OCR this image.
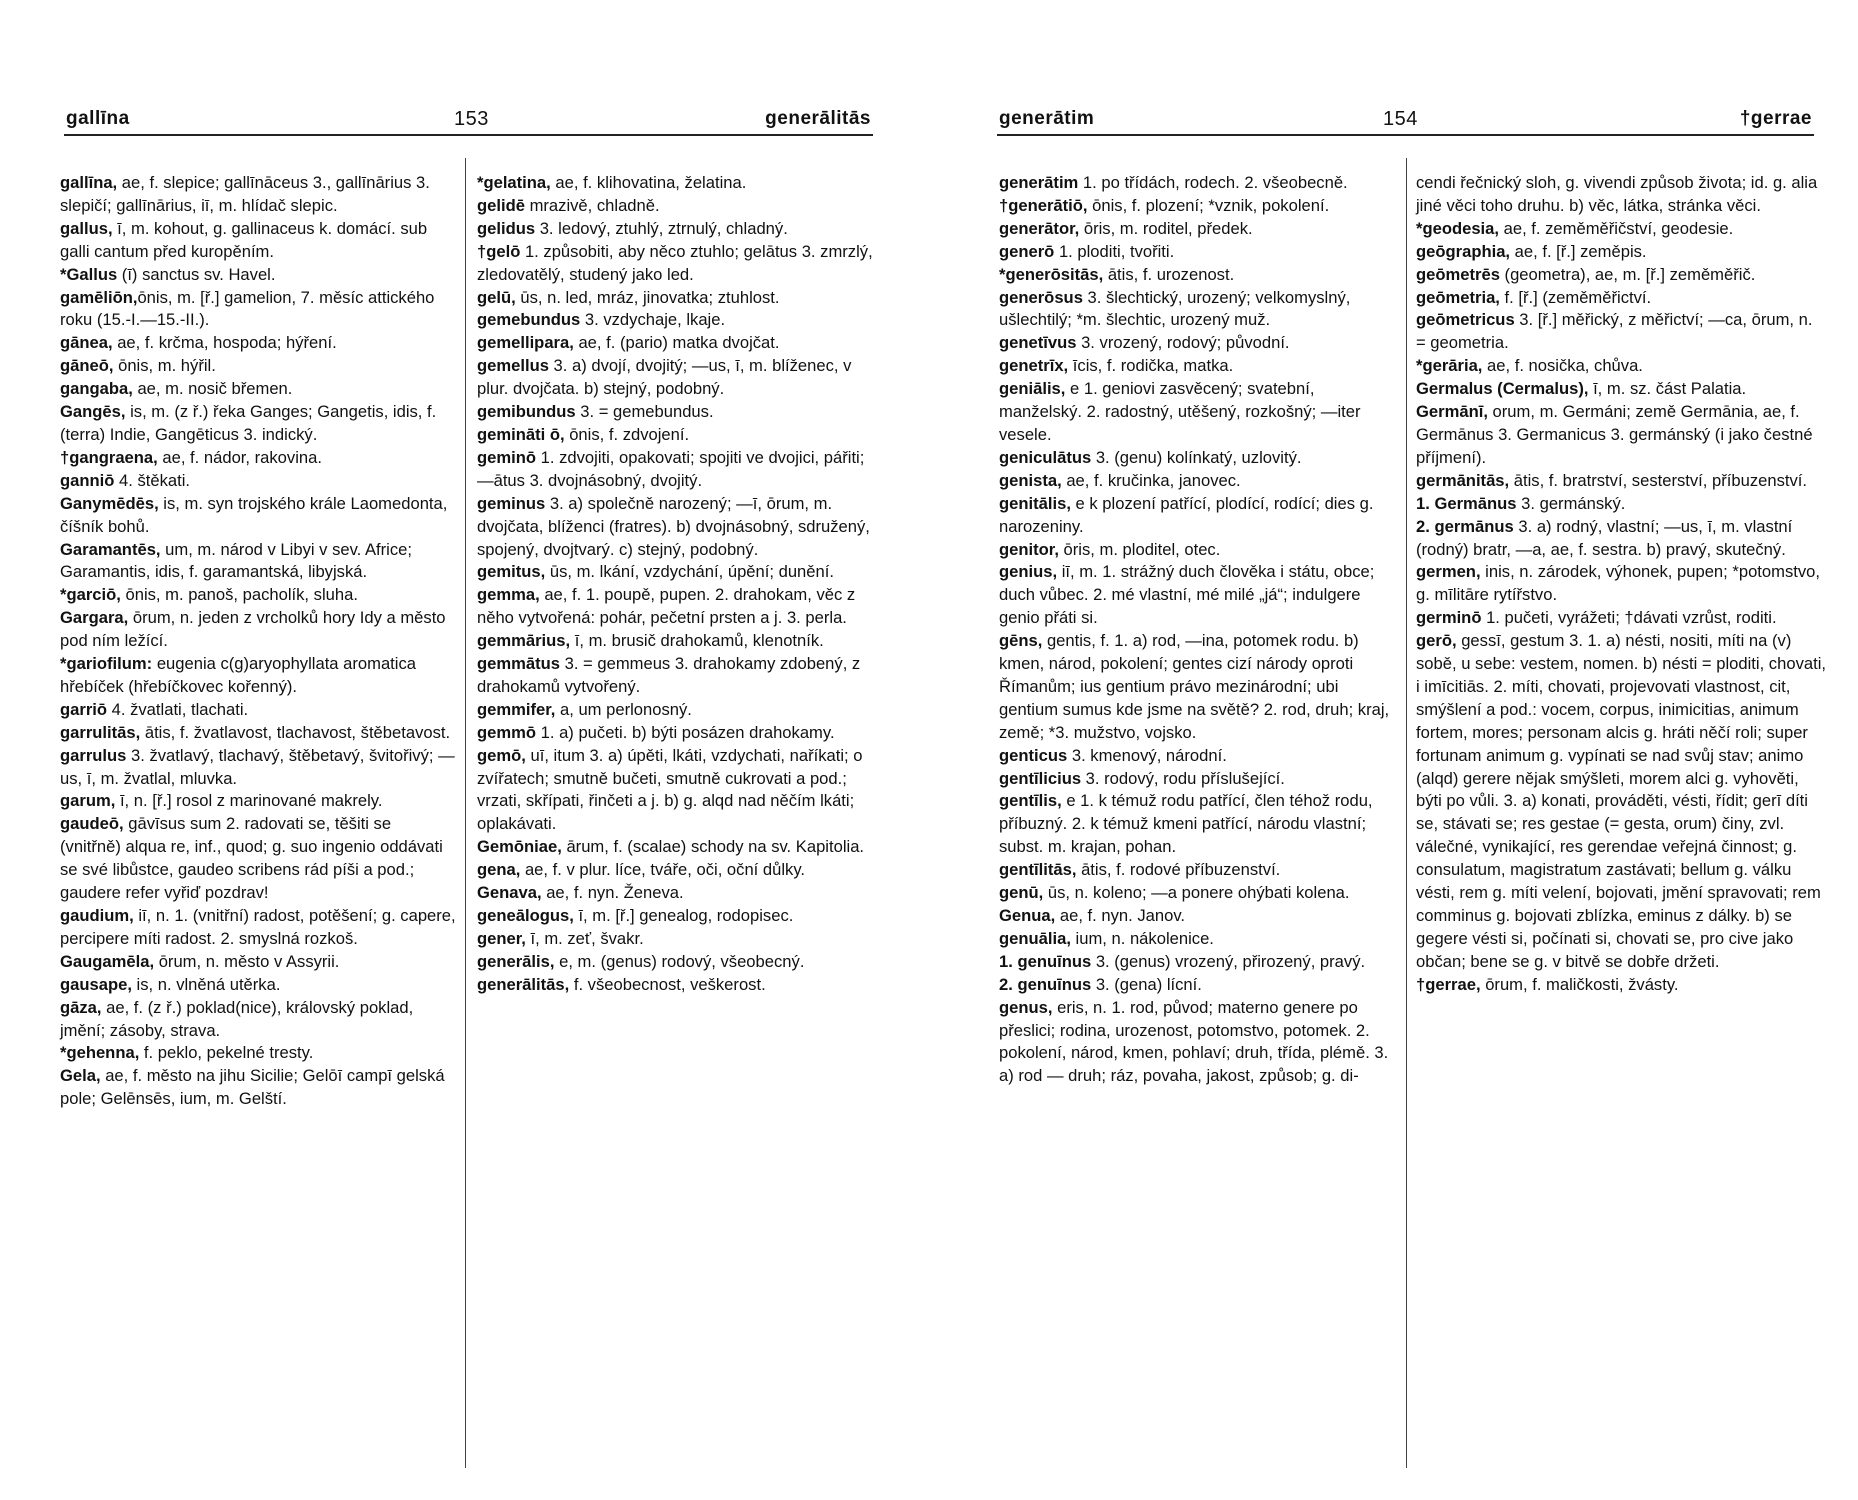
gallīna	153	generālitās

gallīna, ae, f. slepice; gallīnāceus 3., gallīnārius 3. slepičí; gallīnārius, iī, m. hlídač slepic.

gallus, ī, m. kohout, g. gallinaceus k. domácí. sub galli cantum před kuropěním.

*Gallus (ī) sanctus sv. Havel.

gamēliōn,ōnis, m. [ř.] gamelion, 7. měsíc attického roku (15.-I.—15.-II.).

gānea, ae, f. krčma, hospoda; hýření.

gāneō, ōnis, m. hýřil.

gangaba, ae, m. nosič břemen.

Gangēs, is, m. (z ř.) řeka Ganges; Gangetis, idis, f. (terra) Indie, Gangēticus 3. indický.

†gangraena, ae, f. nádor, rakovina.

ganniō 4. štěkati.

Ganymēdēs, is, m. syn trojského krále Laomedonta, číšník bohů.

Garamantēs, um, m. národ v Libyi v sev. Africe; Garamantis, idis, f. garamantská, libyjská.

*garciō, ōnis, m. panoš, pacholík, sluha.

Gargara, ōrum, n. jeden z vrcholků hory Idy a město pod ním ležící.

*gariofilum: eugenia c(g)aryophyllata aromatica hřebíček (hřebíčkovec kořenný).

garriō 4. žvatlati, tlachati.

garrulitās, ātis, f. žvatlavost, tlachavost, štěbetavost.

garrulus 3. žvatlavý, tlachavý, štěbetavý, švitořivý; —us, ī, m. žvatlal, mluvka.

garum, ī, n. [ř.] rosol z marinované makrely.

gaudeō, gāvīsus sum 2. radovati se, těšiti se (vnitřně) alqua re, inf., quod; g. suo ingenio oddávati se své libůstce, gaudeo scribens rád píši a pod.; gaudere refer vyřiď pozdrav!

gaudium, iī, n. 1. (vnitřní) radost, potěšení; g. capere, percipere míti radost. 2. smyslná rozkoš.

Gaugamēla, ōrum, n. město v Assyrii.

gausape, is, n. vlněná utěrka.

gāza, ae, f. (z ř.) poklad(nice), královský poklad, jmění; zásoby, strava.

*gehenna, f. peklo, pekelné tresty.

Gela, ae, f. město na jihu Sicilie; Gelōī campī gelská pole; Gelēnsēs, ium, m. Gelští.

*gelatina, ae, f. klihovatina, želatina.

gelidē mrazivě, chladně.

gelidus 3. ledový, ztuhlý, ztrnulý, chladný.

†gelō 1. způsobiti, aby něco ztuhlo; gelātus 3. zmrzlý, zledovatělý, studený jako led.

gelū, ūs, n. led, mráz, jinovatka; ztuhlost.

gemebundus 3. vzdychaje, lkaje.

gemellipara, ae, f. (pario) matka dvojčat.

gemellus 3. a) dvojí, dvojitý; —us, ī, m. blíženec, v plur. dvojčata. b) stejný, podobný.

gemibundus 3. = gemebundus.

gemināti ō, ōnis, f. zdvojení.

geminō 1. zdvojiti, opakovati; spojiti ve dvojici, pářiti; —ātus 3. dvojnásobný, dvojitý.

geminus 3. a) společně narozený; —ī, ōrum, m. dvojčata, blíženci (fratres). b) dvojnásobný, sdružený, spojený, dvojtvarý. c) stejný, podobný.

gemitus, ūs, m. lkání, vzdychání, úpění; dunění.

gemma, ae, f. 1. poupě, pupen. 2. drahokam, věc z něho vytvořená: pohár, pečetní prsten a j. 3. perla.

gemmārius, ī, m. brusič drahokamů, klenotník.

gemmātus 3. = gemmeus 3. drahokamy zdobený, z drahokamů vytvořený.

gemmifer, a, um perlonosný.

gemmō 1. a) pučeti. b) býti posázen drahokamy.

gemō, uī, itum 3. a) úpěti, lkáti, vzdychati, naříkati; o zvířatech; smutně bučeti, smutně cukrovati a pod.; vrzati, skřípati, řinčeti a j. b) g. alqd nad něčím lkáti; oplakávati.

Gemōniae, ārum, f. (scalae) schody na sv. Kapitolia.

gena, ae, f. v plur. líce, tváře, oči, oční důlky.

Genava, ae, f. nyn. Ženeva.

geneālogus, ī, m. [ř.] genealog, rodopisec.

gener, ī, m. zeť, švakr.

generālis, e, m. (genus) rodový, všeobecný.

generālitās, f. všeobecnost, veškerost.

generātim	154	†gerrae

generātim 1. po třídách, rodech. 2. všeobecně.

†generātiō, ōnis, f. plození; *vznik, pokolení.

generātor, ōris, m. roditel, předek.

generō 1. ploditi, tvořiti.

*generōsitās, ātis, f. urozenost.

generōsus 3. šlechtický, urozený; velkomyslný, ušlechtilý; *m. šlechtic, urozený muž.

genetīvus 3. vrozený, rodový; původní.

genetrīx, īcis, f. rodička, matka.

geniālis, e 1. geniovi zasvěcený; svatební, manželský. 2. radostný, utěšený, rozkošný; —iter vesele.

geniculātus 3. (genu) kolínkatý, uzlovitý.

genista, ae, f. kručinka, janovec.

genitālis, e k plození patřící, plodící, rodící; dies g. narozeniny.

genitor, ōris, m. ploditel, otec.

genius, iī, m. 1. strážný duch člověka i státu, obce; duch vůbec. 2. mé vlastní, mé milé „já“; indulgere genio přáti si.

gēns, gentis, f. 1. a) rod, —ina, potomek rodu. b) kmen, národ, pokolení; gentes cizí národy oproti Římanům; ius gentium právo mezinárodní; ubi gentium sumus kde jsme na světě? 2. rod, druh; kraj, země; *3. mužstvo, vojsko.

genticus 3. kmenový, národní.

gentīlicius 3. rodový, rodu příslušející.

gentīlis, e 1. k témuž rodu patřící, člen téhož rodu, příbuzný. 2. k témuž kmeni patřící, národu vlastní; subst. m. krajan, pohan.

gentīlitās, ātis, f. rodové příbuzenství.

genū, ūs, n. koleno; —a ponere ohýbati kolena.

Genua, ae, f. nyn. Janov.

genuālia, ium, n. nákolenice.

1. genuīnus 3. (genus) vrozený, přirozený, pravý.

2. genuīnus 3. (gena) lícní.

genus, eris, n. 1. rod, původ; materno genere po přeslici; rodina, urozenost, potomstvo, potomek. 2. pokolení, národ, kmen, pohlaví; druh, třída, plémě. 3. a) rod — druh; ráz, povaha, jakost, způsob; g. di-

cendi řečnický sloh, g. vivendi způsob života; id. g. alia jiné věci toho druhu. b) věc, látka, stránka věci.

*geodesia, ae, f. zeměměřičství, geodesie.

geōgraphia, ae, f. [ř.] zeměpis.

geōmetrēs (geometra), ae, m. [ř.] zeměměřič.

geōmetria, f. [ř.] (zeměměřictví.

geōmetricus 3. [ř.] měřický, z měřictví; —ca, ōrum, n. = geometria.

*gerāria, ae, f. nosička, chůva.

Germalus (Cermalus), ī, m. sz. část Palatia.

Germānī, orum, m. Germáni; země Germānia, ae, f. Germānus 3. Germanicus 3. germánský (i jako čestné příjmení).

germānitās, ātis, f. bratrství, sesterství, příbuzenství.

1. Germānus 3. germánský.

2. germānus 3. a) rodný, vlastní; —us, ī, m. vlastní (rodný) bratr, —a, ae, f. sestra. b) pravý, skutečný.

germen, inis, n. zárodek, výhonek, pupen; *potomstvo, g. mīlitāre rytířstvo.

germinō 1. pučeti, vyrážeti; †dávati vzrůst, roditi.

gerō, gessī, gestum 3. 1. a) nésti, nositi, míti na (v) sobě, u sebe: vestem, nomen. b) nésti = ploditi, chovati, i imīcitiās. 2. míti, chovati, projevovati vlastnost, cit, smýšlení a pod.: vocem, corpus, inimicitias, animum fortem, mores; personam alcis g. hráti něčí roli; super fortunam animum g. vypínati se nad svůj stav; animo (alqd) gerere nějak smýšleti, morem alci g. vyhověti, býti po vůli. 3. a) konati, prováděti, vésti, řídit; gerī díti se, stávati se; res gestae (= gesta, orum) činy, zvl. válečné, vynikající, res gerendae veřejná činnost; g. consulatum, magistratum zastávati; bellum g. válku vésti, rem g. míti velení, bojovati, jmění spravovati; rem comminus g. bojovati zblízka, eminus z dálky. b) se gegere vésti si, počínati si, chovati se, pro cive jako občan; bene se g. v bitvě se dobře držeti.

†gerrae, ōrum, f. maličkosti, žvásty.
